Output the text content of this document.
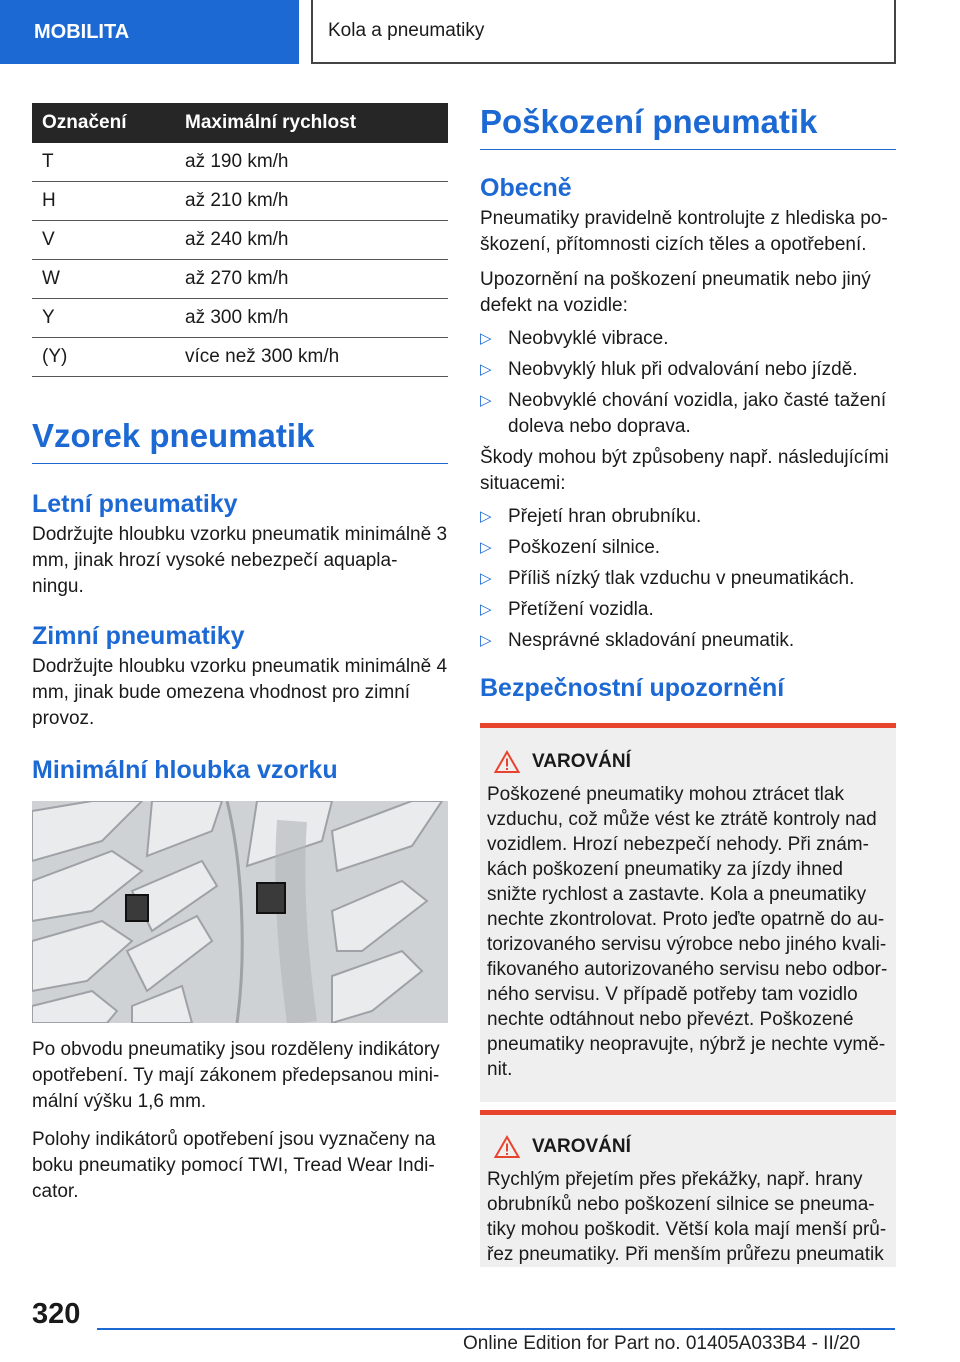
MOBILITA	Kola a pneumatiky
Označení	Maximální rychlost
T	až 190 km/h
H	až 210 km/h
V	až 240 km/h
W	až 270 km/h
Y	až 300 km/h
(Y)	více než 300 km/h
Vzorek pneumatik
Letní pneumatiky

Dodržujte hloubku vzorku pneumatik minimálně 3 mm, jinak hrozí vysoké nebezpečí aquapla-ningu.

Zimní pneumatiky

Dodržujte hloubku vzorku pneumatik minimálně 4 mm, jinak bude omezena vhodnost pro zimní provoz.

Minimální hloubka vzorku

Po obvodu pneumatiky jsou rozděleny indikátory opotřebení. Ty mají zákonem předepsanou mini-mální výšku 1,6 mm.

Polohy indikátorů opotřebení jsou vyznačeny na boku pneumatiky pomocí TWI, Tread Wear Indi-cator.

Poškození pneumatik
Obecně

Pneumatiky pravidelně kontrolujte z hlediska po-škození, přítomnosti cizích těles a opotřebení.

Upozornění na poškození pneumatik nebo jiný defekt na vozidle:

▷ Neobvyklé vibrace.
▷ Neobvyklý hluk při odvalování nebo jízdě.
▷ Neobvyklé chování vozidla, jako časté tažení doleva nebo doprava.

Škody mohou být způsobeny např. následujícími situacemi:

▷ Přejetí hran obrubníku.
▷ Poškození silnice.
▷ Příliš nízký tlak vzduchu v pneumatikách.
▷ Přetížení vozidla.
▷ Nesprávné skladování pneumatik.
Bezpečnostní upozornění
VAROVÁNÍ

Poškozené pneumatiky mohou ztrácet tlak vzduchu, což může vést ke ztrátě kontroly nad vozidlem. Hrozí nebezpečí nehody. Při znám-kách poškození pneumatiky za jízdy ihned snižte rychlost a zastavte. Kola a pneumatiky nechte zkontrolovat. Proto jeďte opatrně do au-torizovaného servisu výrobce nebo jiného kvali-fikovaného autorizovaného servisu nebo odbor-ného servisu. V případě potřeby tam vozidlo nechte odtáhnout nebo převézt. Poškozené pneumatiky neopravujte, nýbrž je nechte vymě-nit.

VAROVÁNÍ

Rychlým přejetím přes překážky, např. hrany obrubníků nebo poškození silnice se pneuma-tiky mohou poškodit. Větší kola mají menší prů-řez pneumatiky. Při menším průřezu pneumatik

320
Online Edition for Part no. 01405A033B4 - II/20
